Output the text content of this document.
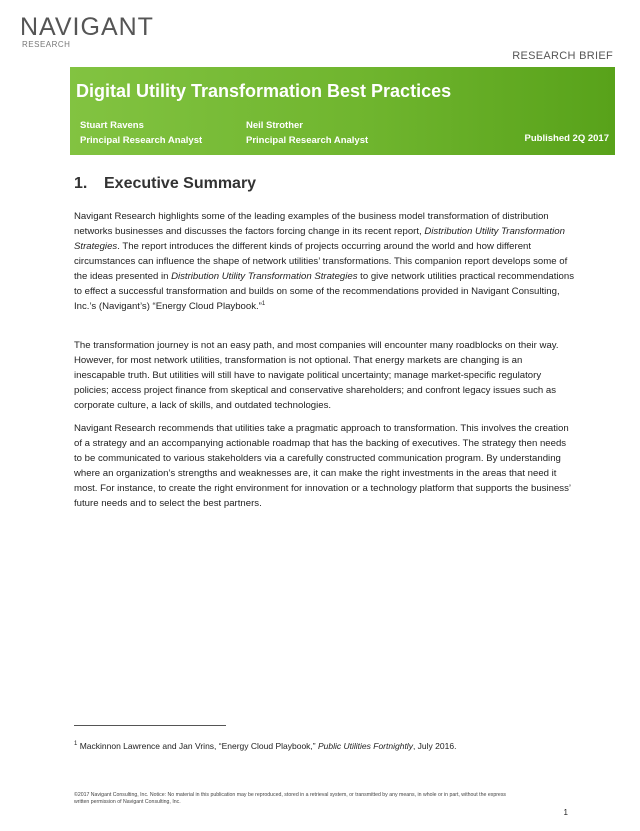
NAVIGANT
RESEARCH
RESEARCH BRIEF
Digital Utility Transformation Best Practices
Stuart Ravens
Principal Research Analyst
Neil Strother
Principal Research Analyst	Published 2Q 2017
1. Executive Summary

Navigant Research highlights some of the leading examples of the business model transformation of distribution networks businesses and discusses the factors forcing change in its recent report, Distribution Utility Transformation Strategies. The report introduces the different kinds of projects occurring around the world and how different circumstances can influence the shape of network utilities’ transformations. This companion report develops some of the ideas presented in Distribution Utility Transformation Strategies to give network utilities practical recommendations to effect a successful transformation and builds on some of the recommendations provided in Navigant Consulting, Inc.’s (Navigant’s) “Energy Cloud Playbook.”$^1$

The transformation journey is not an easy path, and most companies will encounter many roadblocks on their way. However, for most network utilities, transformation is not optional. That energy markets are changing is an inescapable truth. But utilities will still have to navigate political uncertainty; manage market-specific regulatory policies; access project finance from skeptical and conservative shareholders; and confront legacy issues such as corporate culture, a lack of skills, and outdated technologies.

Navigant Research recommends that utilities take a pragmatic approach to transformation. This involves the creation of a strategy and an accompanying actionable roadmap that has the backing of executives. The strategy then needs to be communicated to various stakeholders via a carefully constructed communication program. By understanding where an organization’s strengths and weaknesses are, it can make the right investments in the areas that need it most. For instance, to create the right environment for innovation or a technology platform that supports the business’ future needs and to select the best partners.

$^1$ Mackinnon Lawrence and Jan Vrins, “Energy Cloud Playbook,” Public Utilities Fortnightly, July 2016.
©2017 Navigant Consulting, Inc. Notice: No material in this publication may be reproduced, stored in a retrieval system, or transmitted by any means, in whole or in part, without the express written permission of Navigant Consulting, Inc.
1
